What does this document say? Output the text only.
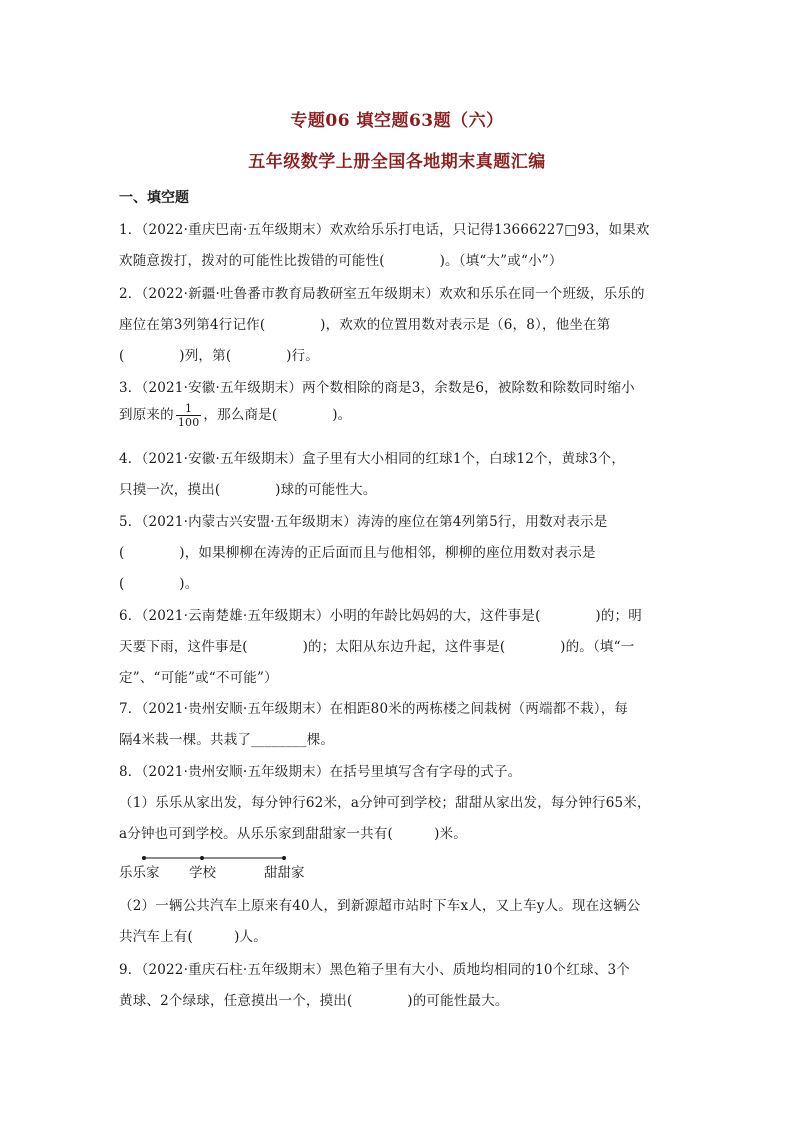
专题06 填空题63题（六）
五年级数学上册全国各地期末真题汇编
一、填空题
1．（2022·重庆巴南·五年级期末）欢欢给乐乐打电话，只记得13666227□93，如果欢
欢随意拨打，拨对的可能性比拨错的可能性(　　　　)。（填“大”或“小”）
2．（2022·新疆·吐鲁番市教育局教研室五年级期末）欢欢和乐乐在同一个班级，乐乐的
座位在第3列第4行记作(　　　　)，欢欢的位置用数对表示是（6，8），他坐在第
(　　　　)列，第(　　　　)行。
3．（2021·安徽·五年级期末）两个数相除的商是3，余数是6，被除数和除数同时缩小
到原来的 $\frac{1}{100}$ ，那么商是(　　　　)。
4．（2021·安徽·五年级期末）盒子里有大小相同的红球1个，白球12个，黄球3个，
只摸一次，摸出(　　　　)球的可能性大。
5．（2021·内蒙古兴安盟·五年级期末）涛涛的座位在第4列第5行，用数对表示是
(　　　　)，如果柳柳在涛涛的正后面而且与他相邻，柳柳的座位用数对表示是
(　　　　)。
6．（2021·云南楚雄·五年级期末）小明的年龄比妈妈的大，这件事是(　　　　)的；明
天要下雨，这件事是(　　　　)的；太阳从东边升起，这件事是(　　　　)的。（填“一
定”、“可能”或“不可能”）
7．（2021·贵州安顺·五年级期末）在相距80米的两栋楼之间栽树（两端都不栽），每
隔4米栽一棵。共栽了________棵。
8．（2021·贵州安顺·五年级期末）在括号里填写含有字母的式子。
（1）乐乐从家出发，每分钟行62米，a分钟可到学校；甜甜从家出发，每分钟行65米，
a分钟也可到学校。从乐乐家到甜甜家一共有(　　　)米。
乐乐家 学校	甜甜家
（2）一辆公共汽车上原来有40人，到新源超市站时下车x人，又上车y人。现在这辆公
共汽车上有(　　　)人。
9．（2022·重庆石柱·五年级期末）黑色箱子里有大小、质地均相同的10个红球、3个
黄球、2个绿球，任意摸出一个，摸出(　　　　)的可能性最大。
